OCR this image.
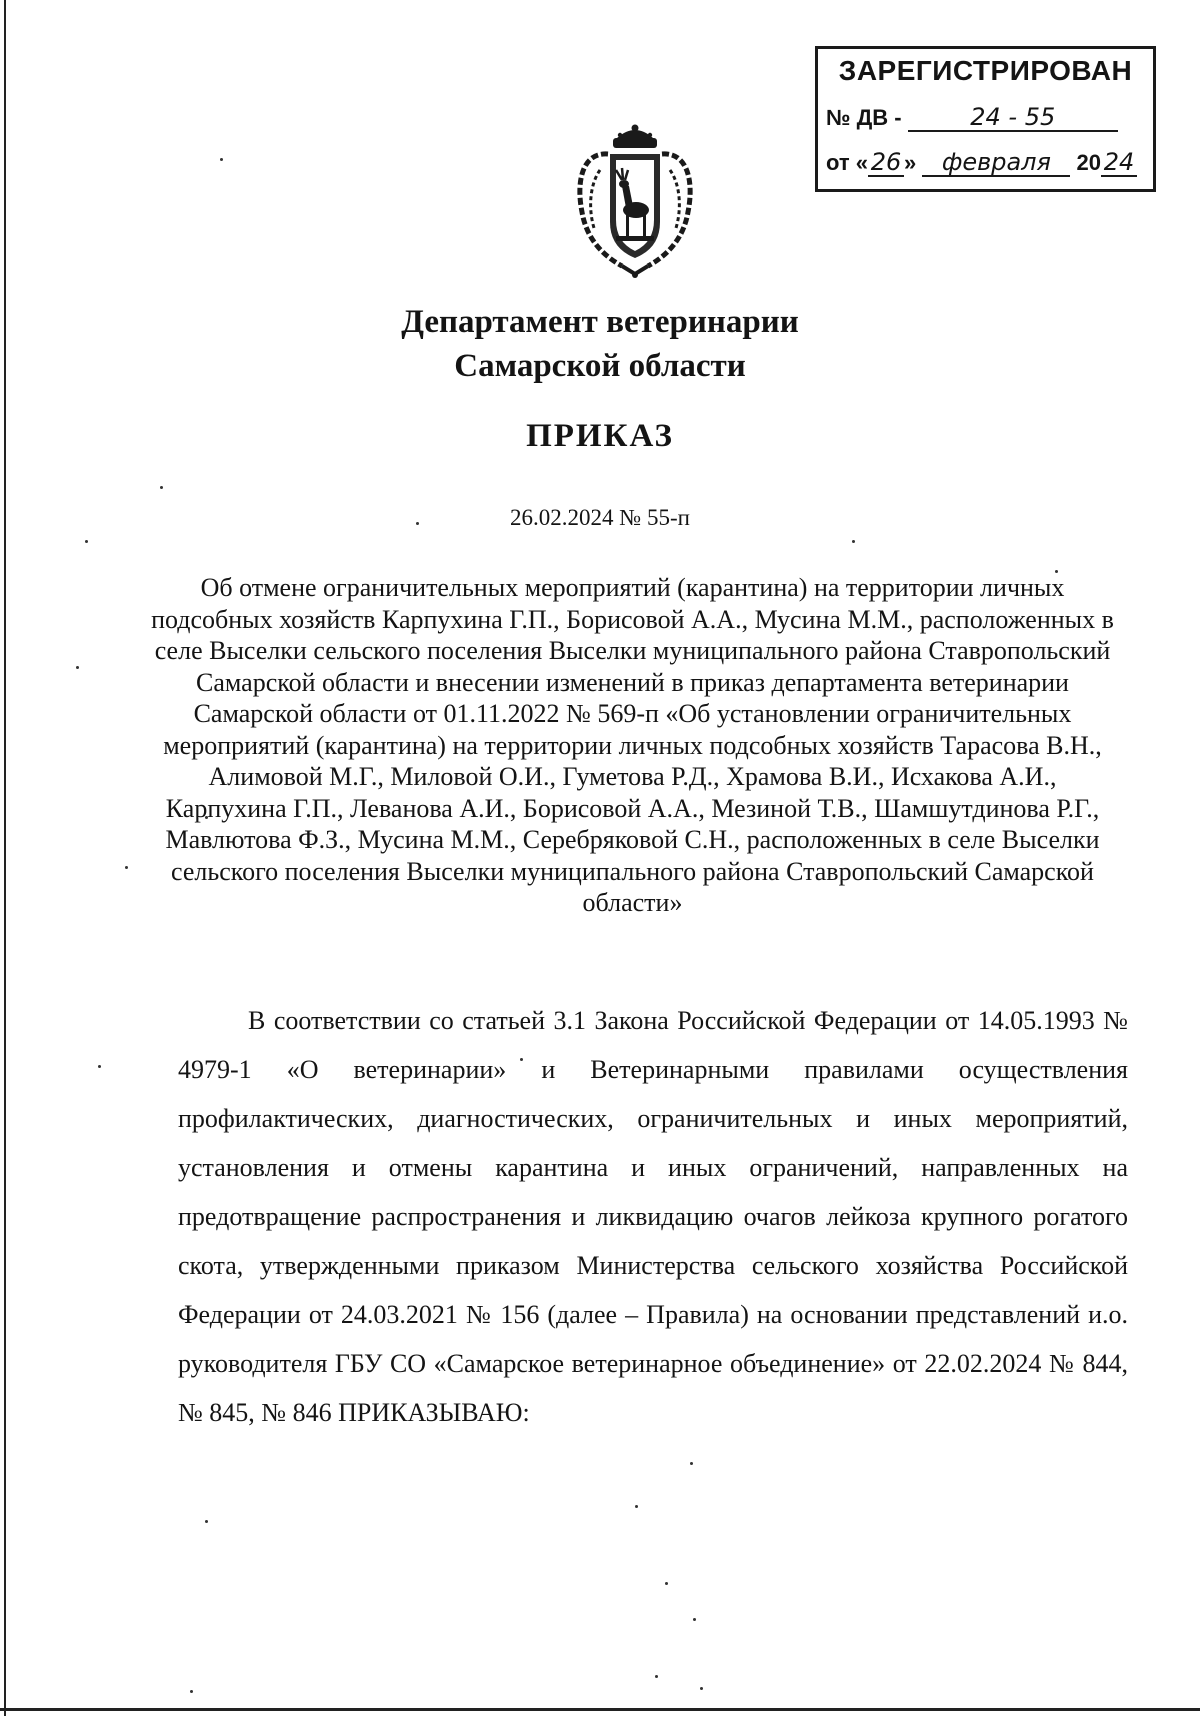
ЗАРЕГИСТРИРОВАН
№ ДВ -	24 - 55
от « 26 » февраля 20 24
Департамент ветеринарии
Самарской области
ПРИКАЗ
26.02.2024 № 55-п
Об отмене ограничительных мероприятий (карантина) на территории личных подсобных хозяйств Карпухина Г.П., Борисовой А.А., Мусина М.М., расположенных в селе Выселки сельского поселения Выселки муниципального района Ставропольский Самарской области и внесении изменений в приказ департамента ветеринарии Самарской области от 01.11.2022 № 569-п «Об установлении ограничительных мероприятий (карантина) на территории личных подсобных хозяйств Тарасова В.Н., Алимовой М.Г., Миловой О.И., Гуметова Р.Д., Храмова В.И., Исхакова А.И., Карпухина Г.П., Леванова А.И., Борисовой А.А., Мезиной Т.В., Шамшутдинова Р.Г., Мавлютова Ф.З., Мусина М.М., Серебряковой С.Н., расположенных в селе Выселки сельского поселения Выселки муниципального района Ставропольский Самарской области»

В соответствии со статьей 3.1 Закона Российской Федерации от 14.05.1993 № 4979-1 «О ветеринарии» и Ветеринарными правилами осуществления профилактических, диагностических, ограничительных и иных мероприятий, установления и отмены карантина и иных ограничений, направленных на предотвращение распространения и ликвидацию очагов лейкоза крупного рогатого скота, утвержденными приказом Министерства сельского хозяйства Российской Федерации от 24.03.2021 № 156 (далее – Правила) на основании представлений и.о. руководителя ГБУ СО «Самарское ветеринарное объединение» от 22.02.2024 № 844, № 845, № 846 ПРИКАЗЫВАЮ:
